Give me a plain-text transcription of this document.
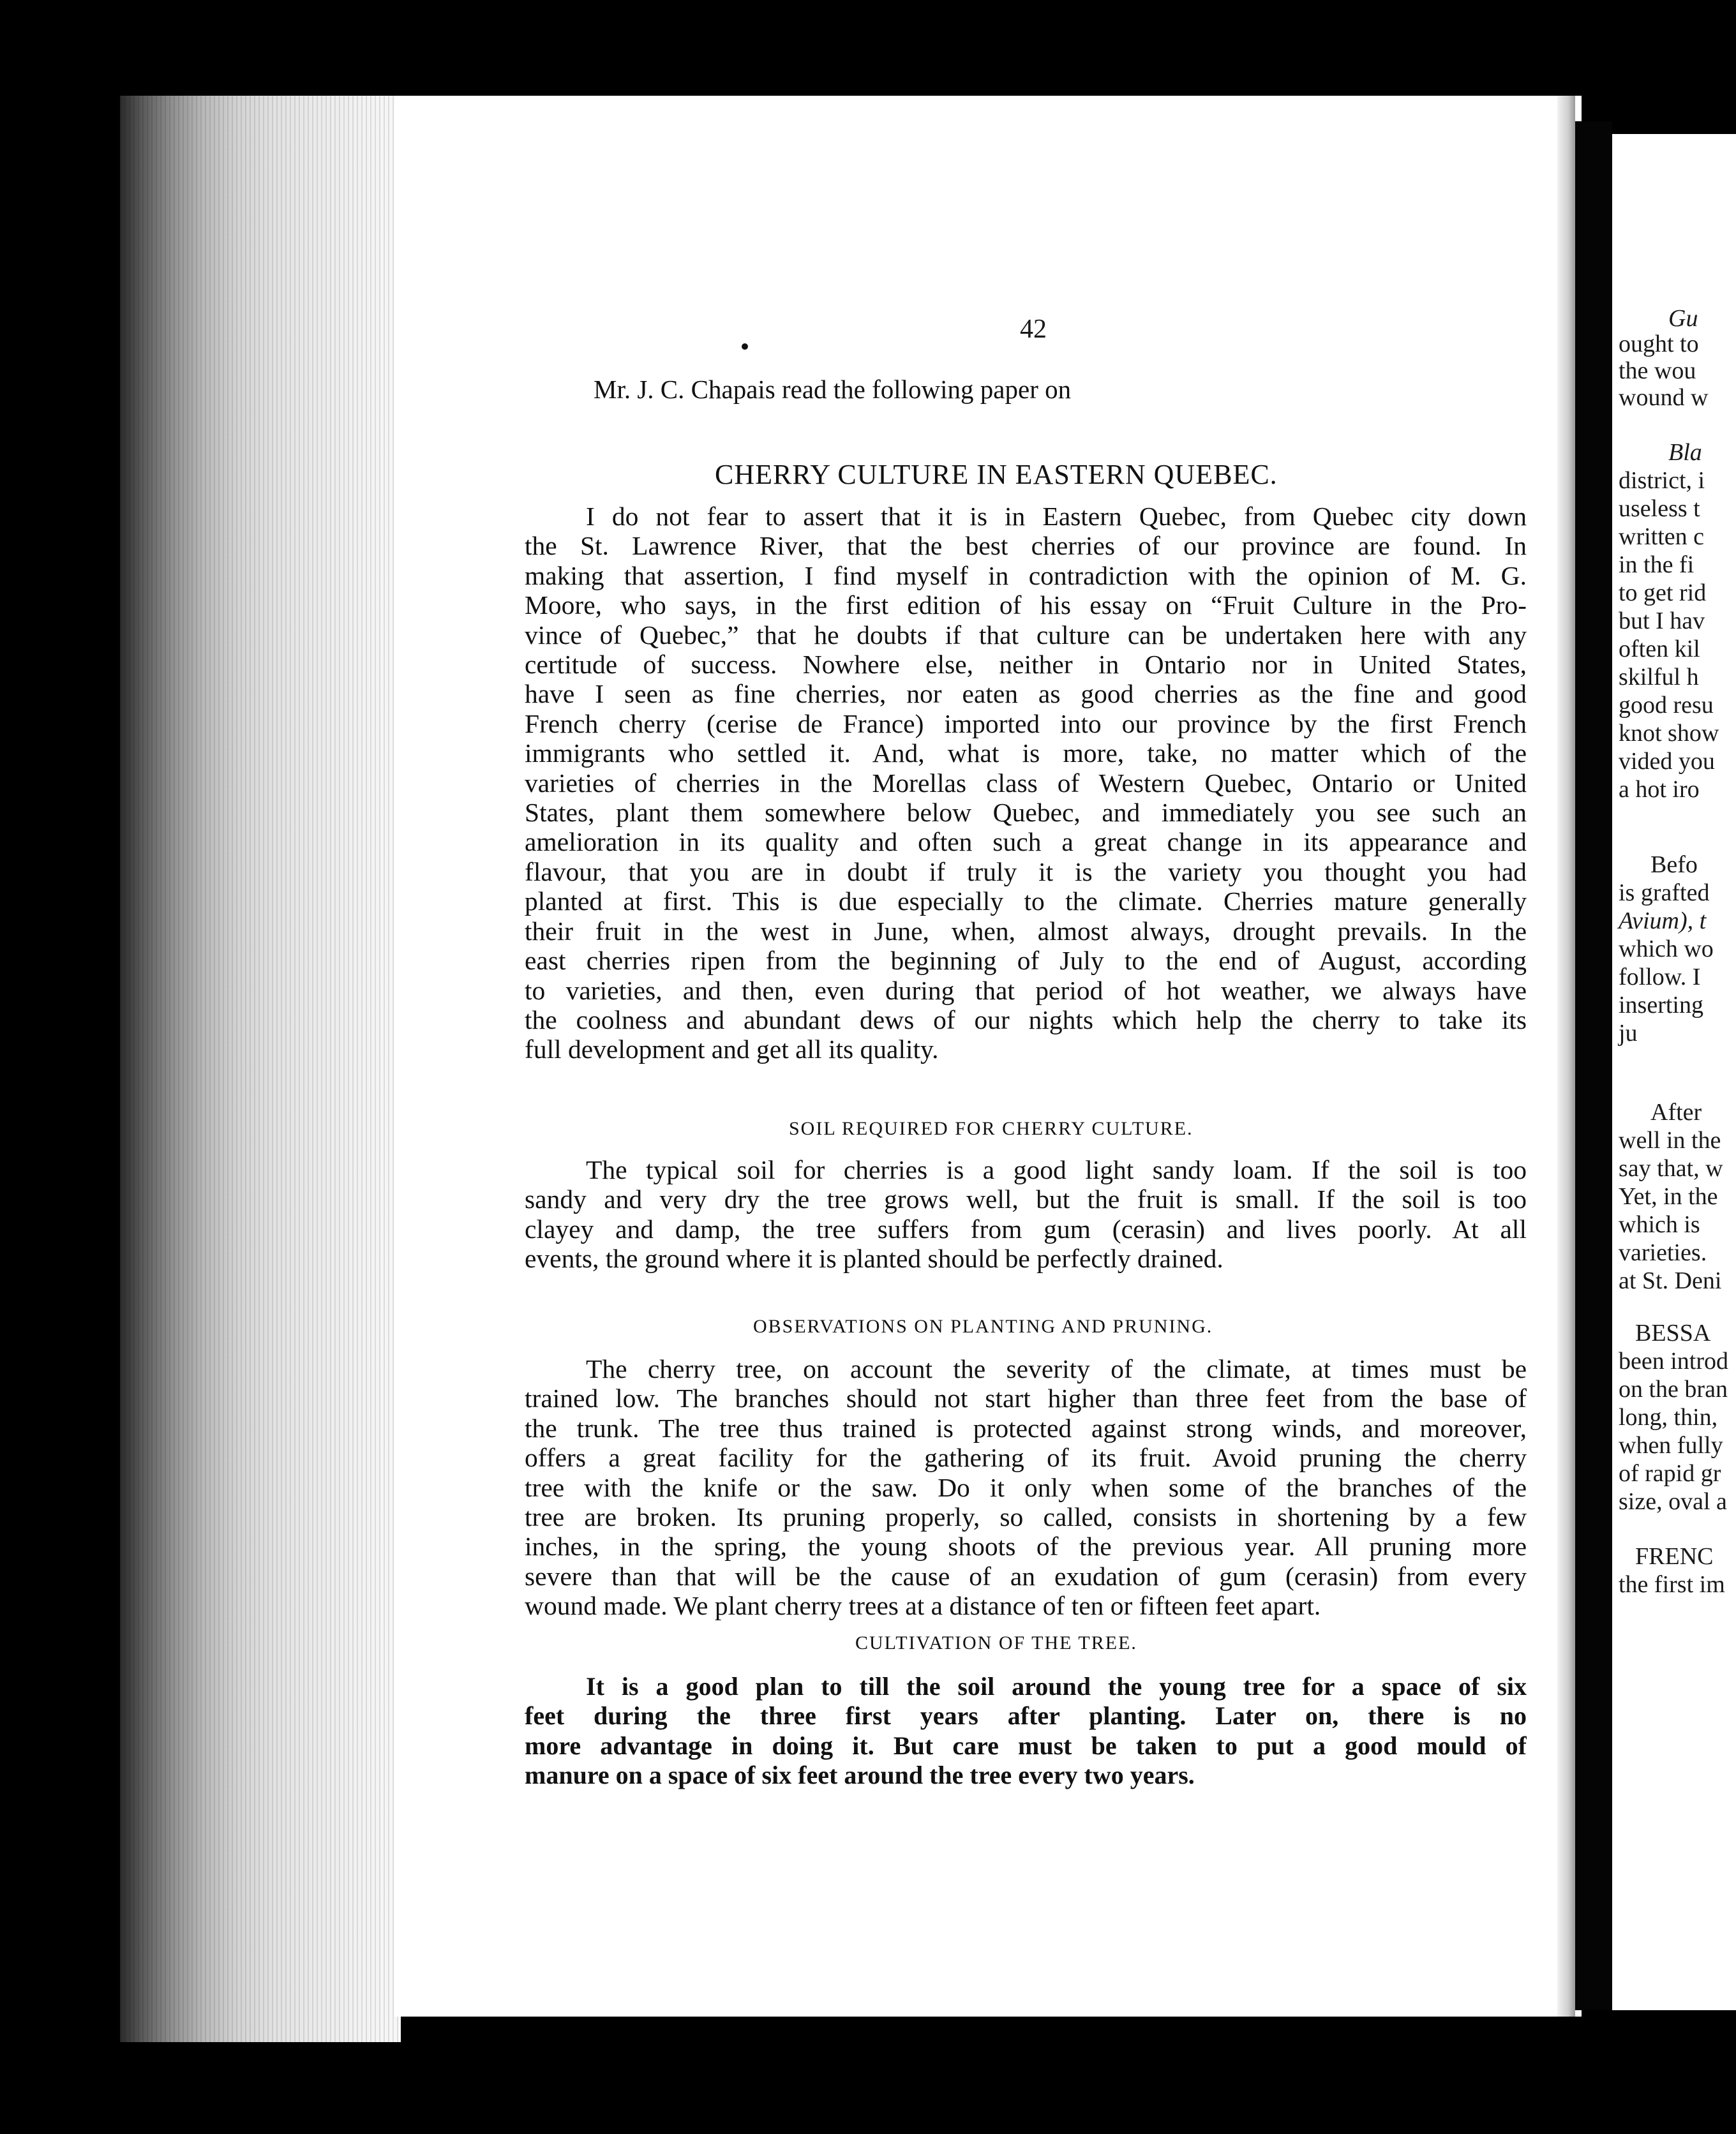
42
Mr. J. C. Chapais read the following paper on
CHERRY CULTURE IN EASTERN QUEBEC.
I do not fear to assert that it is in Eastern Quebec, from Quebec city down
the St. Lawrence River, that the best cherries of our province are found. In
making that assertion, I find myself in contradiction with the opinion of M. G.
Moore, who says, in the first edition of his essay on “Fruit Culture in the Pro-
vince of Quebec,” that he doubts if that culture can be undertaken here with any
certitude of success. Nowhere else, neither in Ontario nor in United States,
have I seen as fine cherries, nor eaten as good cherries as the fine and good
French cherry (cerise de France) imported into our province by the first French
immigrants who settled it. And, what is more, take, no matter which of the
varieties of cherries in the Morellas class of Western Quebec, Ontario or United
States, plant them somewhere below Quebec, and immediately you see such an
amelioration in its quality and often such a great change in its appearance and
flavour, that you are in doubt if truly it is the variety you thought you had
planted at first. This is due especially to the climate. Cherries mature generally
their fruit in the west in June, when, almost always, drought prevails. In the
east cherries ripen from the beginning of July to the end of August, according
to varieties, and then, even during that period of hot weather, we always have
the coolness and abundant dews of our nights which help the cherry to take its
full development and get all its quality.
SOIL REQUIRED FOR CHERRY CULTURE.
The typical soil for cherries is a good light sandy loam. If the soil is too
sandy and very dry the tree grows well, but the fruit is small. If the soil is too
clayey and damp, the tree suffers from gum (cerasin) and lives poorly. At all
events, the ground where it is planted should be perfectly drained.
OBSERVATIONS ON PLANTING AND PRUNING.
The cherry tree, on account the severity of the climate, at times must be
trained low. The branches should not start higher than three feet from the base of
the trunk. The tree thus trained is protected against strong winds, and moreover,
offers a great facility for the gathering of its fruit. Avoid pruning the cherry
tree with the knife or the saw. Do it only when some of the branches of the
tree are broken. Its pruning properly, so called, consists in shortening by a few
inches, in the spring, the young shoots of the previous year. All pruning more
severe than that will be the cause of an exudation of gum (cerasin) from every
wound made. We plant cherry trees at a distance of ten or fifteen feet apart.
CULTIVATION OF THE TREE.
It is a good plan to till the soil around the young tree for a space of six
feet during the three first years after planting. Later on, there is no
more advantage in doing it. But care must be taken to put a good mould of
manure on a space of six feet around the tree every two years.
Gu
ought to
the wou
wound w
Bla
district, i
useless t
written c
in the fi
to get rid
but I hav
often kil
skilful h
good resu
knot show
vided you
a hot iro
Befo
is grafted
Avium), t
which wo
follow. I
inserting
ju
After
well in the
say that, w
Yet, in the
which is
varieties.
at St. Deni
BESSA
been introd
on the bran
long, thin,
when fully
of rapid gr
size, oval a
FRENC
the first im
